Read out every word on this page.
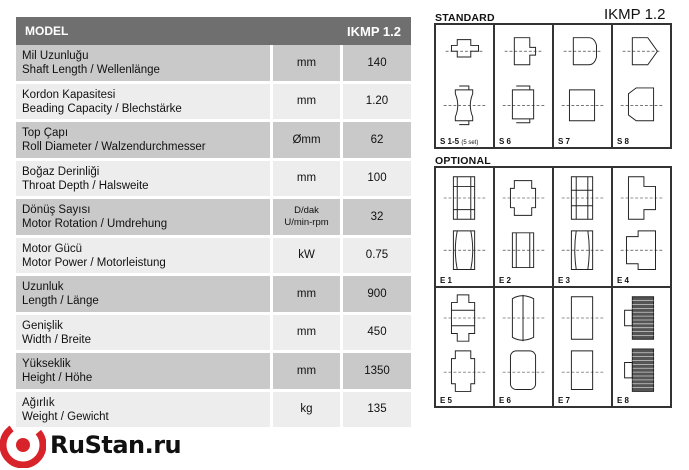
MODEL	IKMP 1.2
Mil Uzunluğu
Shaft Length / Wellenlänge
mm	140
Kordon Kapasitesi
Beading Capacity / Blechstärke
mm	1.20
Top Çapı
Roll Diameter / Walzendurchmesser
Ømm	62
Boğaz Derinliği
Throat Depth / Halsweite
mm	100
Dönüş Sayısı
Motor Rotation / Umdrehung
D/dak
U/min-rpm	32
Motor Gücü
Motor Power / Motorleistung
kW	0.75
Uzunluk
Length / Länge
mm	900
Genişlik
Width / Breite
mm	450
Yükseklik
Height / Höhe
mm	1350
Ağırlık
Weight / Gewicht
kg	135
STANDARD	IKMP 1.2
S 1-5 (5 set)	S 6	S 7	S 8
OPTIONAL
E 1	E 2	E 3	E 4
E 5	E 6	E 7	E 8
RuStan.ru
